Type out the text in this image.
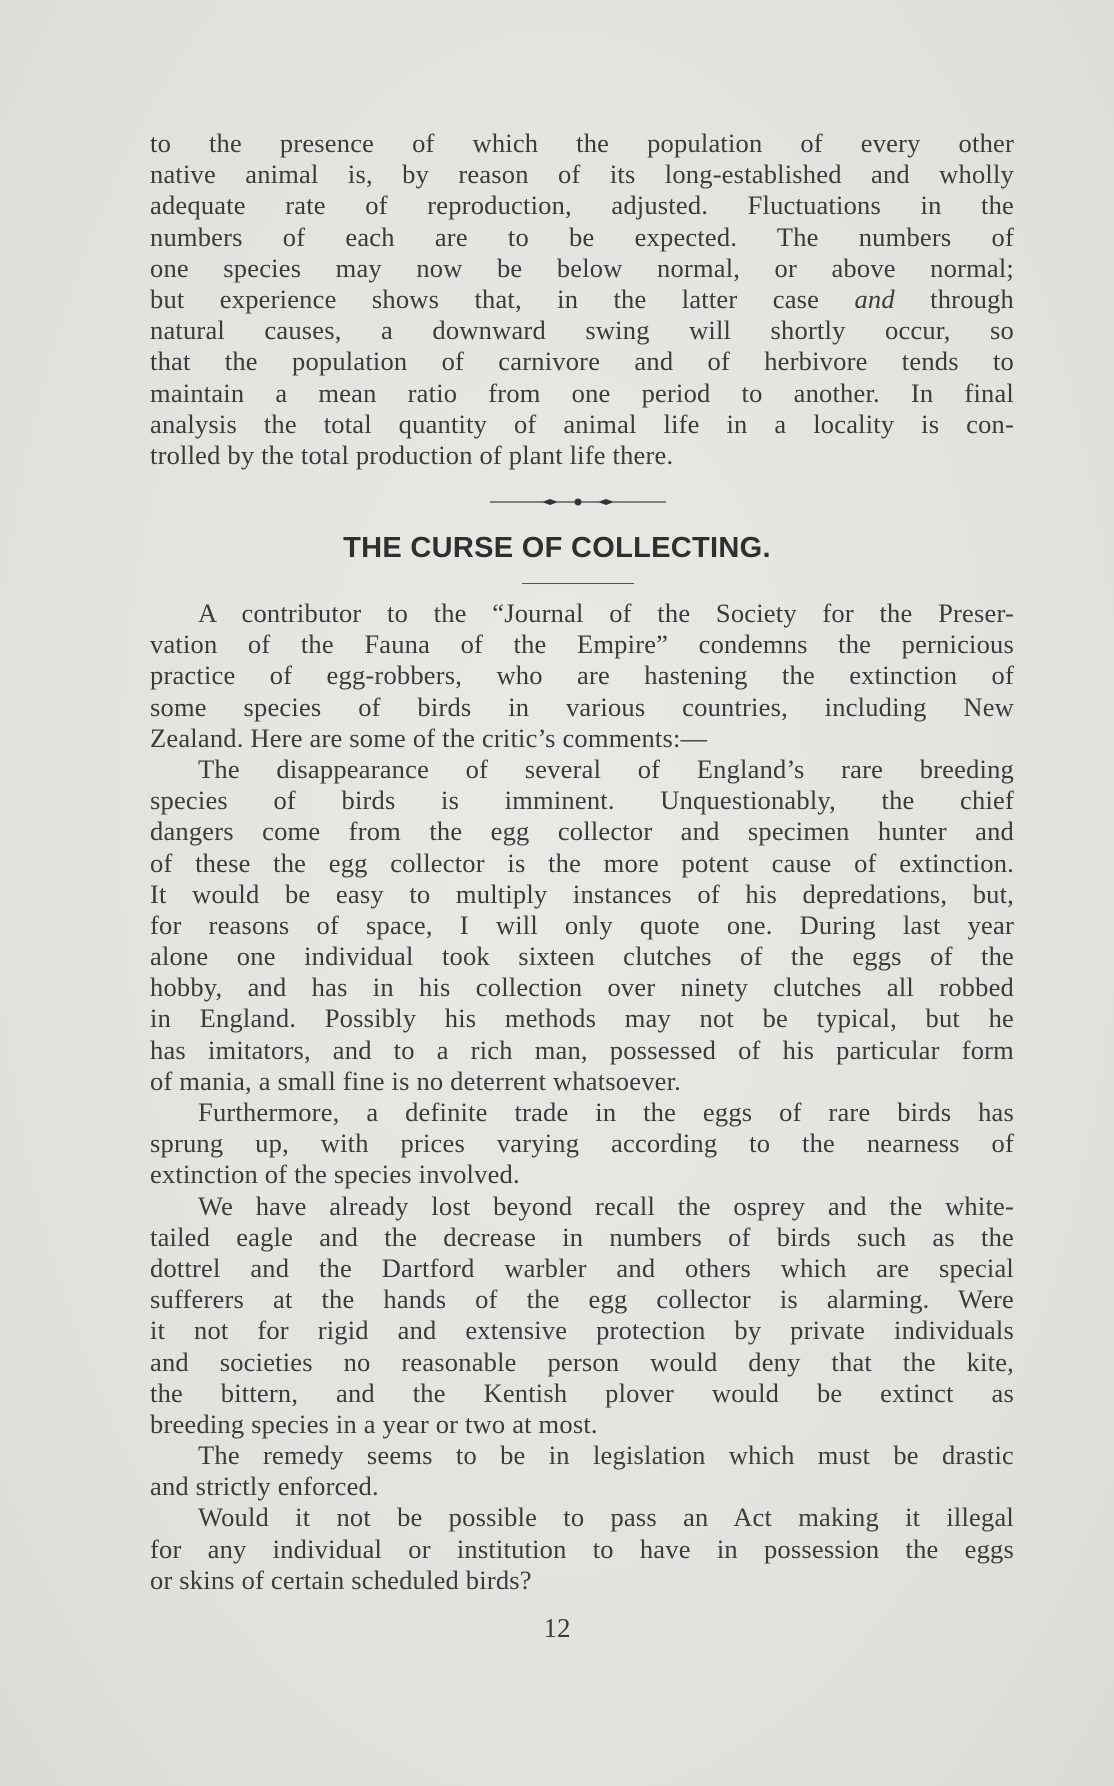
to the presence of which the population of every other
native animal is, by reason of its long-established and wholly
adequate rate of reproduction, adjusted. Fluctuations in the
numbers of each are to be expected. The numbers of
one species may now be below normal, or above normal;
but experience shows that, in the latter case and through
natural causes, a downward swing will shortly occur, so
that the population of carnivore and of herbivore tends to
maintain a mean ratio from one period to another. In final
analysis the total quantity of animal life in a locality is con-
trolled by the total production of plant life there.
THE CURSE OF COLLECTING.
A contributor to the “Journal of the Society for the Preser-
vation of the Fauna of the Empire” condemns the pernicious
practice of egg-robbers, who are hastening the extinction of
some species of birds in various countries, including New
Zealand. Here are some of the critic’s comments:—
The disappearance of several of England’s rare breeding
species of birds is imminent. Unquestionably, the chief
dangers come from the egg collector and specimen hunter and
of these the egg collector is the more potent cause of extinction.
It would be easy to multiply instances of his depredations, but,
for reasons of space, I will only quote one. During last year
alone one individual took sixteen clutches of the eggs of the
hobby, and has in his collection over ninety clutches all robbed
in England. Possibly his methods may not be typical, but he
has imitators, and to a rich man, possessed of his particular form
of mania, a small fine is no deterrent whatsoever.
Furthermore, a definite trade in the eggs of rare birds has
sprung up, with prices varying according to the nearness of
extinction of the species involved.
We have already lost beyond recall the osprey and the white-
tailed eagle and the decrease in numbers of birds such as the
dottrel and the Dartford warbler and others which are special
sufferers at the hands of the egg collector is alarming. Were
it not for rigid and extensive protection by private individuals
and societies no reasonable person would deny that the kite,
the bittern, and the Kentish plover would be extinct as
breeding species in a year or two at most.
The remedy seems to be in legislation which must be drastic
and strictly enforced.
Would it not be possible to pass an Act making it illegal
for any individual or institution to have in possession the eggs
or skins of certain scheduled birds?
12
